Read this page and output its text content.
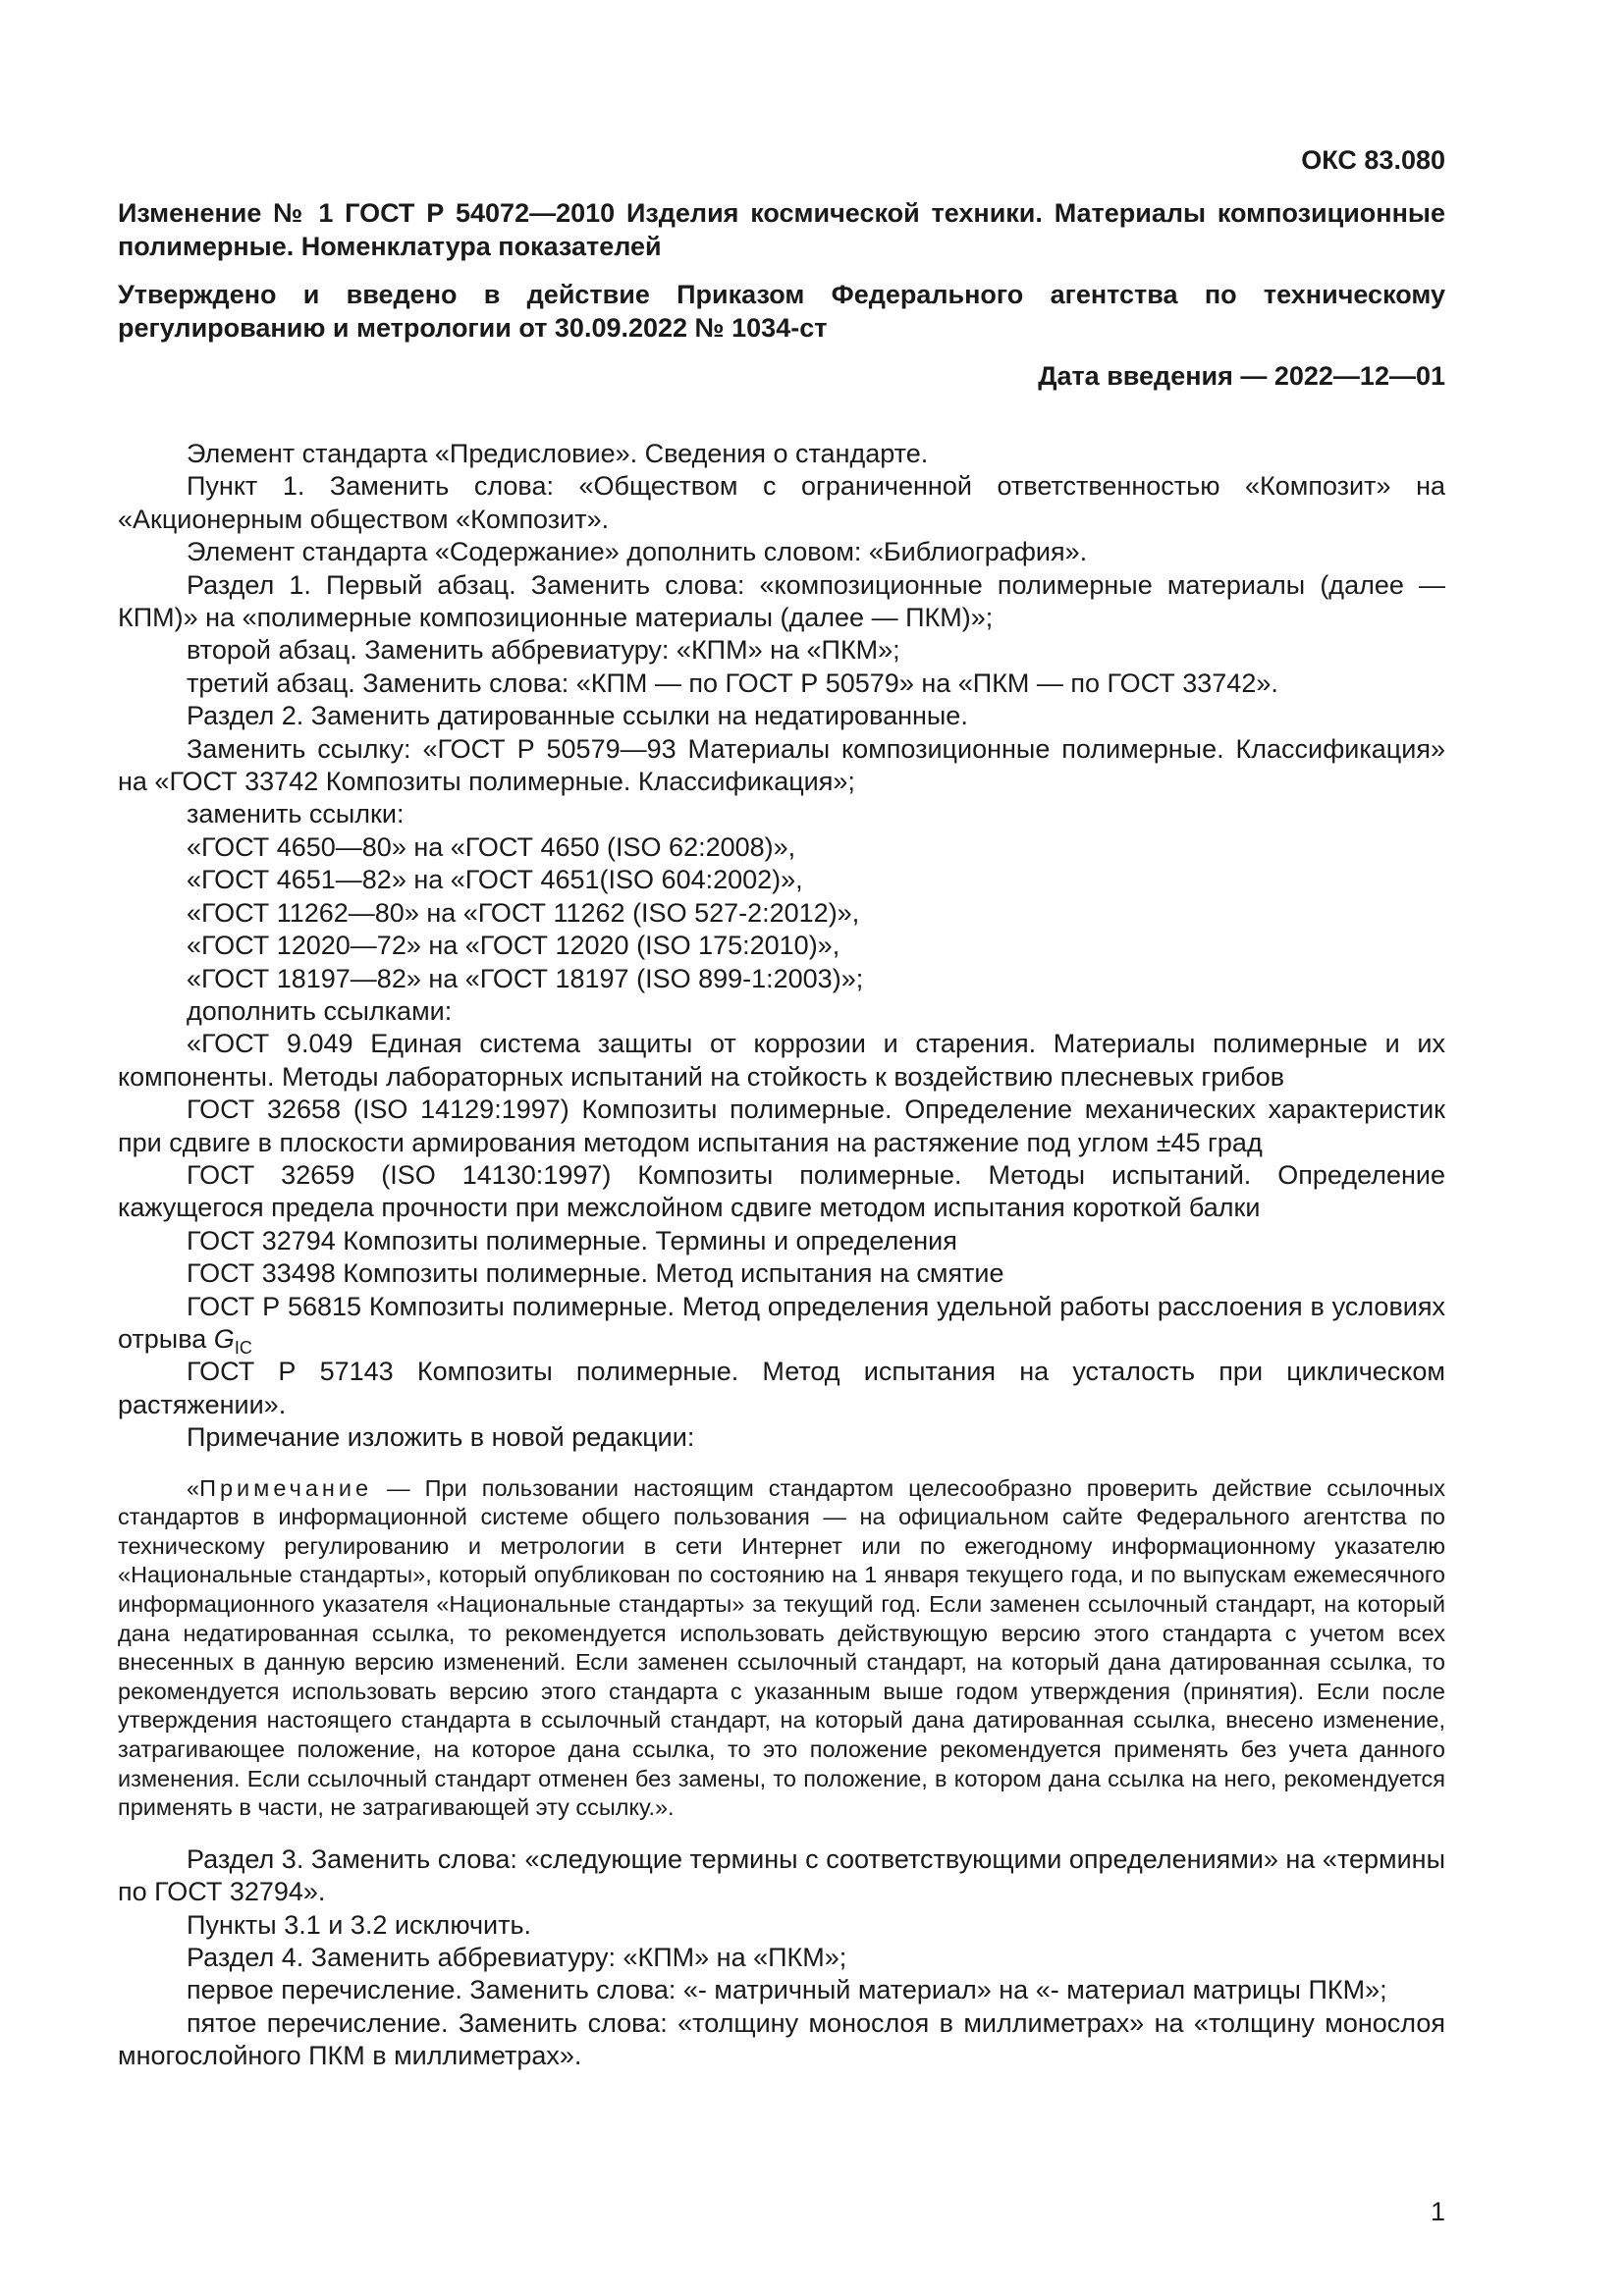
ОКС 83.080
Изменение № 1 ГОСТ Р 54072—2010 Изделия космической техники. Материалы композиционные полимерные. Номенклатура показателей
Утверждено и введено в действие Приказом Федерального агентства по техническому регулированию и метрологии от 30.09.2022 № 1034-ст
Дата введения — 2022—12—01

Элемент стандарта «Предисловие». Сведения о стандарте.

Пункт 1. Заменить слова: «Обществом с ограниченной ответственностью «Композит» на «Акционерным обществом «Композит».

Элемент стандарта «Содержание» дополнить словом: «Библиография».

Раздел 1. Первый абзац. Заменить слова: «композиционные полимерные материалы (далее — КПМ)» на «полимерные композиционные материалы (далее — ПКМ)»;

второй абзац. Заменить аббревиатуру: «КПМ» на «ПКМ»;

третий абзац. Заменить слова: «КПМ — по ГОСТ Р 50579» на «ПКМ — по ГОСТ 33742».

Раздел 2. Заменить датированные ссылки на недатированные.

Заменить ссылку: «ГОСТ Р 50579—93 Материалы композиционные полимерные. Классификация» на «ГОСТ 33742 Композиты полимерные. Классификация»;

заменить ссылки:

«ГОСТ 4650—80» на «ГОСТ 4650 (ISO 62:2008)»,

«ГОСТ 4651—82» на «ГОСТ 4651(ISO 604:2002)»,

«ГОСТ 11262—80» на «ГОСТ 11262 (ISO 527-2:2012)»,

«ГОСТ 12020—72» на «ГОСТ 12020 (ISO 175:2010)»,

«ГОСТ 18197—82» на «ГОСТ 18197 (ISO 899-1:2003)»;

дополнить ссылками:

«ГОСТ 9.049 Единая система защиты от коррозии и старения. Материалы полимерные и их компоненты. Методы лабораторных испытаний на стойкость к воздействию плесневых грибов

ГОСТ 32658 (ISO 14129:1997) Композиты полимерные. Определение механических характеристик при сдвиге в плоскости армирования методом испытания на растяжение под углом ±45 град

ГОСТ 32659 (ISO 14130:1997) Композиты полимерные. Методы испытаний. Определение кажущегося предела прочности при межслойном сдвиге методом испытания короткой балки

ГОСТ 32794 Композиты полимерные. Термины и определения

ГОСТ 33498 Композиты полимерные. Метод испытания на смятие

ГОСТ Р 56815 Композиты полимерные. Метод определения удельной работы расслоения в условиях отрыва $G_{IC}$

ГОСТ Р 57143 Композиты полимерные. Метод испытания на усталость при циклическом растяжении».

Примечание изложить в новой редакции:

«Примечание — При пользовании настоящим стандартом целесообразно проверить действие ссылочных стандартов в информационной системе общего пользования — на официальном сайте Федерального агентства по техническому регулированию и метрологии в сети Интернет или по ежегодному информационному указателю «Национальные стандарты», который опубликован по состоянию на 1 января текущего года, и по выпускам ежемесячного информационного указателя «Национальные стандарты» за текущий год. Если заменен ссылочный стандарт, на который дана недатированная ссылка, то рекомендуется использовать действующую версию этого стандарта с учетом всех внесенных в данную версию изменений. Если заменен ссылочный стандарт, на который дана датированная ссылка, то рекомендуется использовать версию этого стандарта с указанным выше годом утверждения (принятия). Если после утверждения настоящего стандарта в ссылочный стандарт, на который дана датированная ссылка, внесено изменение, затрагивающее положение, на которое дана ссылка, то это положение рекомендуется применять без учета данного изменения. Если ссылочный стандарт отменен без замены, то положение, в котором дана ссылка на него, рекомендуется применять в части, не затрагивающей эту ссылку.».

Раздел 3. Заменить слова: «следующие термины с соответствующими определениями» на «термины по ГОСТ 32794».

Пункты 3.1 и 3.2 исключить.

Раздел 4. Заменить аббревиатуру: «КПМ» на «ПКМ»;

первое перечисление. Заменить слова: «- матричный материал» на «- материал матрицы ПКМ»;

пятое перечисление. Заменить слова: «толщину монослоя в миллиметрах» на «толщину монослоя многослойного ПКМ в миллиметрах».

1
